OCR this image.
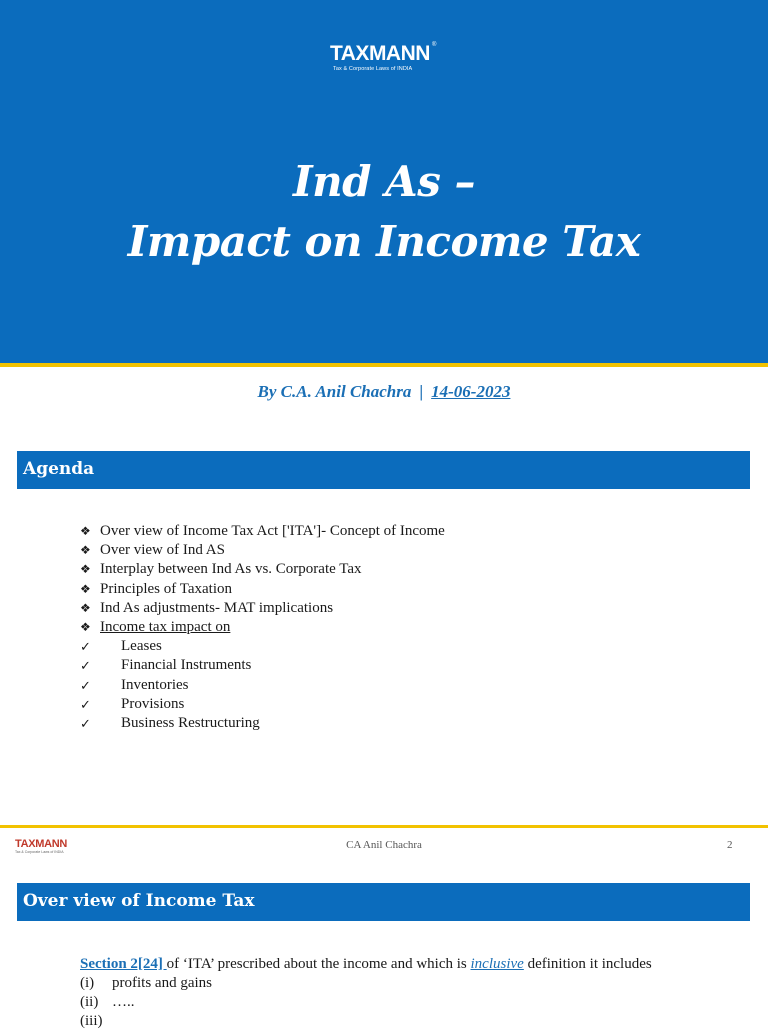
TAXMANN ®
Tax & Corporate Laws of INDIA
Ind As –
Impact on Income Tax
By C.A. Anil Chachra | 14-06-2023
Agenda
❖ Over view of Income Tax Act ['ITA']- Concept of Income
❖ Over view of Ind AS
❖ Interplay between Ind As vs. Corporate Tax
❖ Principles of Taxation
❖ Ind As adjustments- MAT implications
❖ Income tax impact on
✓	Leases
✓	Financial Instruments
✓	Inventories
✓	Provisions
✓	Business Restructuring
TAXMANN
Tax & Corporate Laws of INDIA
CA Anil Chachra	2
Over view of Income Tax
Section 2[24] of ‘ITA’ prescribed about the income and which is inclusive definition it includes
(i) profits and gains
(ii) …..
(iii)
